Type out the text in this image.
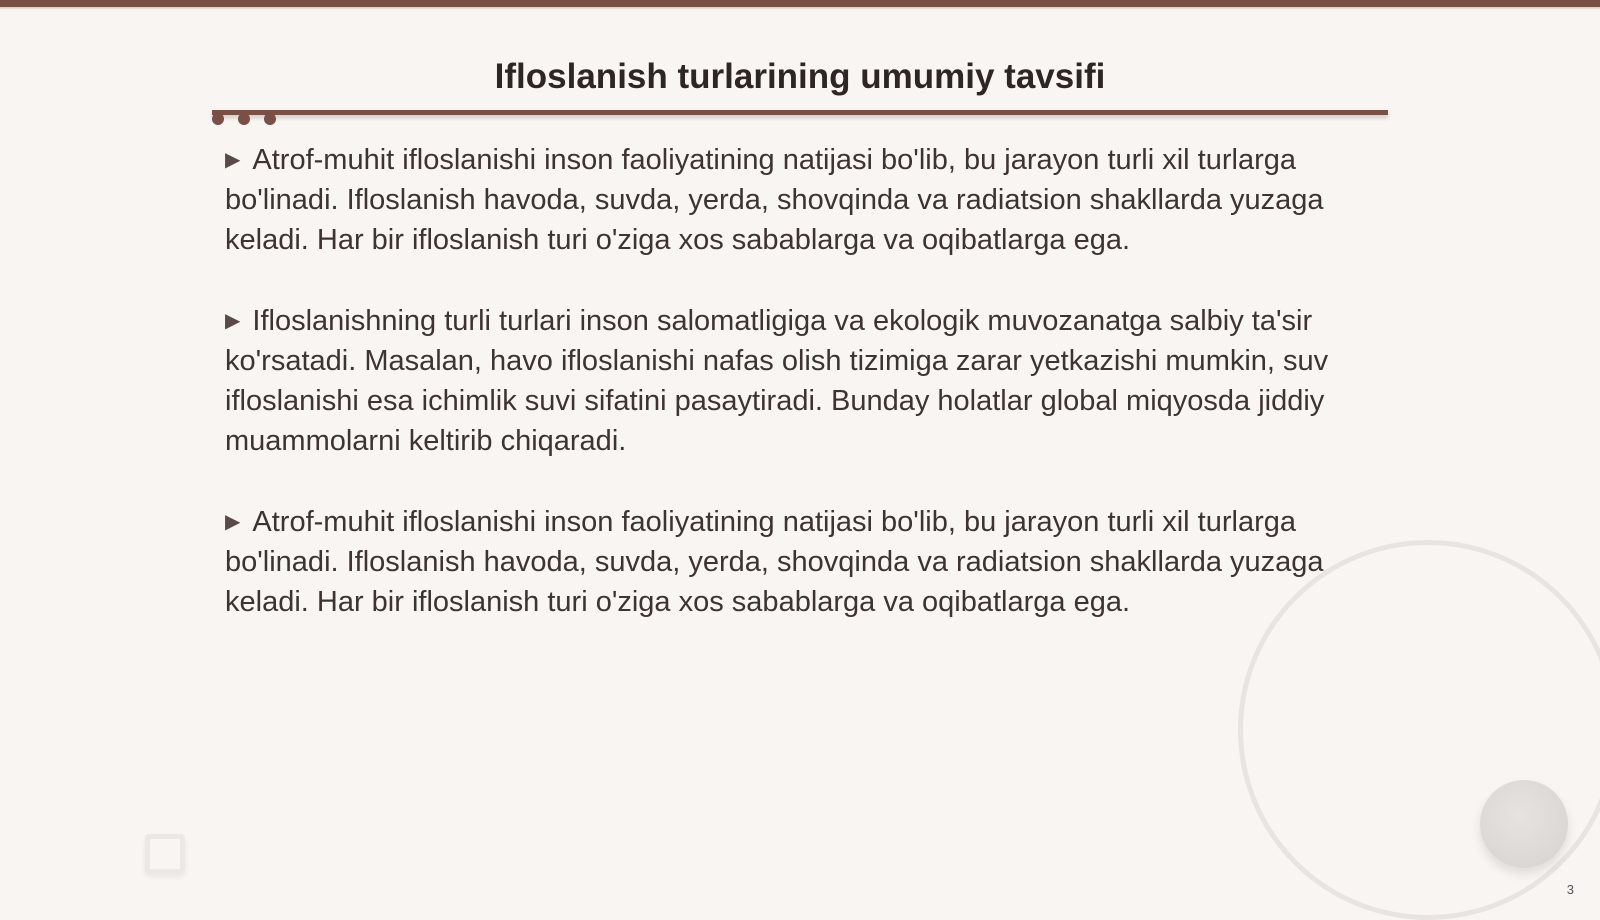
Ifloslanish turlarining umumiy tavsifi

▶ Atrof-muhit ifloslanishi inson faoliyatining natijasi bo'lib, bu jarayon turli xil turlarga bo'linadi. Ifloslanish havoda, suvda, yerda, shovqinda va radiatsion shakllarda yuzaga keladi. Har bir ifloslanish turi o'ziga xos sabablarga va oqibatlarga ega.

▶ Ifloslanishning turli turlari inson salomatligiga va ekologik muvozanatga salbiy ta'sir ko'rsatadi. Masalan, havo ifloslanishi nafas olish tizimiga zarar yetkazishi mumkin, suv ifloslanishi esa ichimlik suvi sifatini pasaytiradi. Bunday holatlar global miqyosda jiddiy muammolarni keltirib chiqaradi.

▶ Atrof-muhit ifloslanishi inson faoliyatining natijasi bo'lib, bu jarayon turli xil turlarga bo'linadi. Ifloslanish havoda, suvda, yerda, shovqinda va radiatsion shakllarda yuzaga keladi. Har bir ifloslanish turi o'ziga xos sabablarga va oqibatlarga ega.

3
